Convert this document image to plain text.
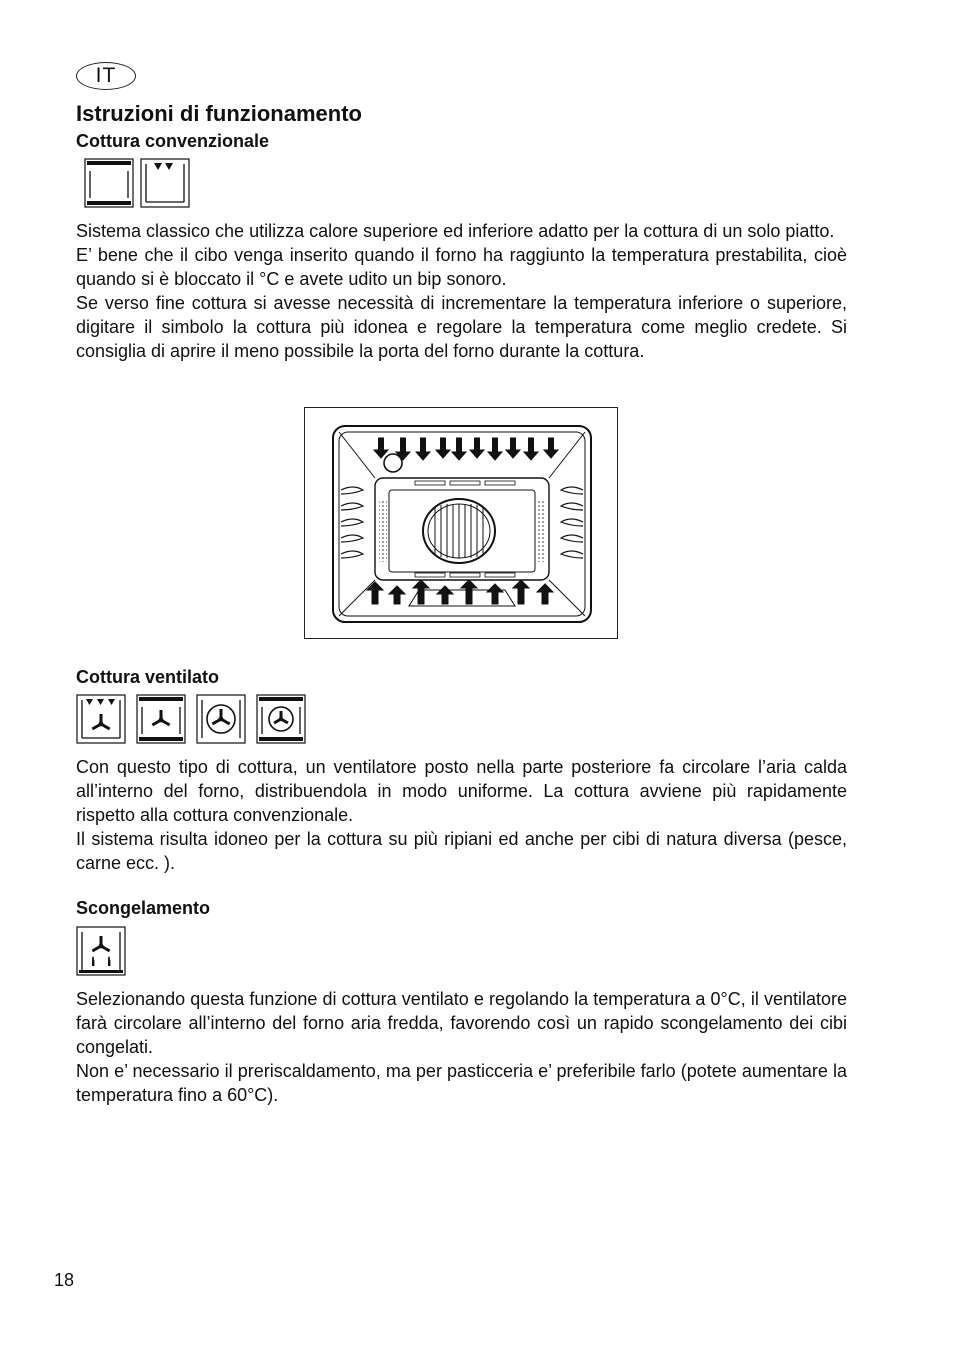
IT
Istruzioni di funzionamento
Cottura convenzionale

Sistema classico che utilizza calore superiore ed inferiore adatto per la cottura di un solo piatto.

E’ bene che il cibo venga inserito quando il forno ha raggiunto la temperatura prestabilita, cioè quando si è bloccato il °C e avete udito un bip sonoro.

Se verso fine cottura si avesse necessità di incrementare la temperatura inferiore o superiore, digitare il simbolo la cottura più idonea e regolare la temperatura come meglio credete. Si consiglia di aprire il meno possibile la porta del forno durante la cottura.

Cottura ventilato

Con questo tipo di cottura, un ventilatore posto nella parte posteriore fa circolare l’aria calda all’interno del forno, distribuendola in modo uniforme. La cottura avviene più rapidamente rispetto alla cottura convenzionale.

Il sistema risulta idoneo per la cottura su più ripiani ed anche per cibi di natura diversa (pesce, carne ecc. ).

Scongelamento

Selezionando questa funzione di cottura ventilato e regolando la temperatura a 0°C, il ventilatore farà circolare all’interno del forno aria fredda, favorendo così un rapido scongelamento dei cibi congelati.

Non e’ necessario il preriscaldamento, ma per pasticceria e’ preferibile farlo (potete aumentare la temperatura fino a 60°C).

18
